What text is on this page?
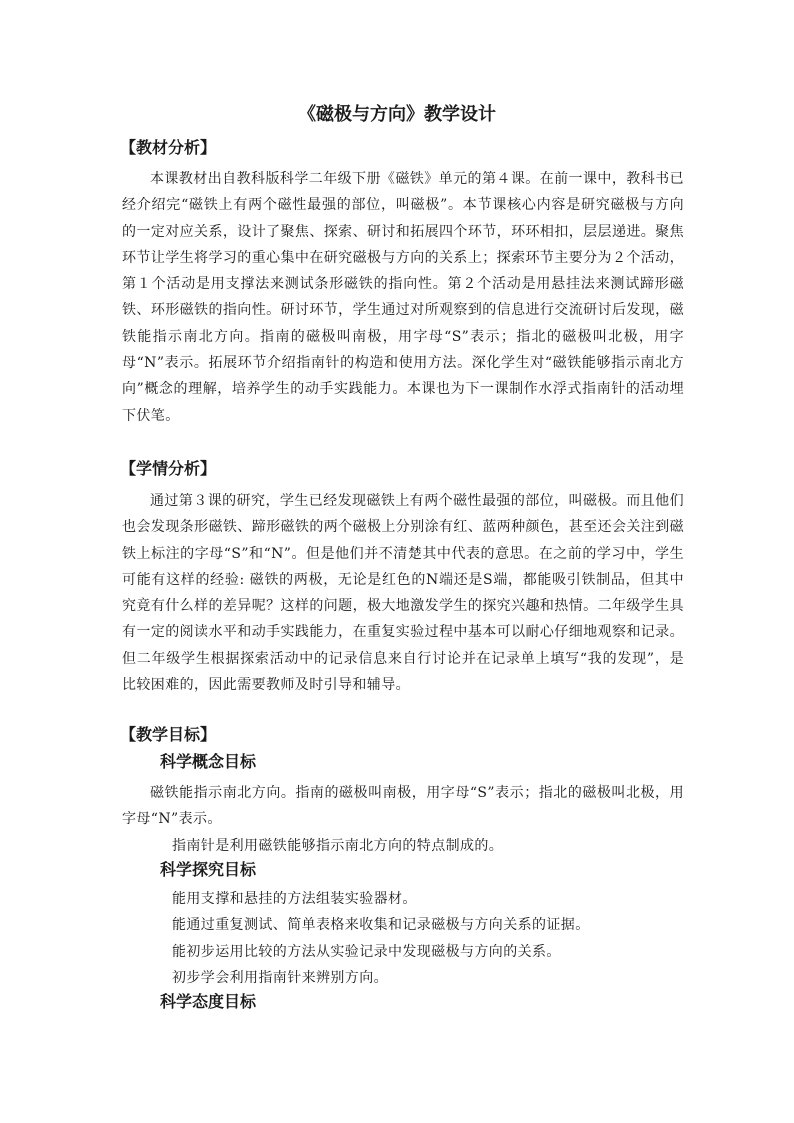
《磁极与方向》教学设计
【教材分析】

本课教材出自教科版科学二年级下册《磁铁》单元的第４课。在前一课中，教科书已经介绍完“磁铁上有两个磁性最强的部位，叫磁极”。本节课核心内容是研究磁极与方向的一定对应关系，设计了聚焦、探索、研讨和拓展四个环节，环环相扣，层层递进。聚焦环节让学生将学习的重心集中在研究磁极与方向的关系上；探索环节主要分为２个活动，第１个活动是用支撑法来测试条形磁铁的指向性。第２个活动是用悬挂法来测试蹄形磁铁、环形磁铁的指向性。研讨环节，学生通过对所观察到的信息进行交流研讨后发现，磁铁能指示南北方向。指南的磁极叫南极，用字母“S”表示；指北的磁极叫北极，用字母“N”表示。拓展环节介绍指南针的构造和使用方法。深化学生对“磁铁能够指示南北方向”概念的理解，培养学生的动手实践能力。本课也为下一课制作水浮式指南针的活动埋下伏笔。

【学情分析】

通过第３课的研究，学生已经发现磁铁上有两个磁性最强的部位，叫磁极。而且他们也会发现条形磁铁、蹄形磁铁的两个磁极上分别涂有红、蓝两种颜色，甚至还会关注到磁铁上标注的字母“S”和“N”。但是他们并不清楚其中代表的意思。在之前的学习中，学生可能有这样的经验: 磁铁的两极，无论是红色的N端还是S端，都能吸引铁制品，但其中究竟有什么样的差异呢？这样的问题，极大地激发学生的探究兴趣和热情。二年级学生具有一定的阅读水平和动手实践能力，在重复实验过程中基本可以耐心仔细地观察和记录。但二年级学生根据探索活动中的记录信息来自行讨论并在记录单上填写“我的发现”，是比较困难的，因此需要教师及时引导和辅导。

【教学目标】
科学概念目标

磁铁能指示南北方向。指南的磁极叫南极，用字母“S”表示；指北的磁极叫北极，用字母“N”表示。

指南针是利用磁铁能够指示南北方向的特点制成的。
科学探究目标
能用支撑和悬挂的方法组装实验器材。
能通过重复测试、简单表格来收集和记录磁极与方向关系的证据。
能初步运用比较的方法从实验记录中发现磁极与方向的关系。
初步学会利用指南针来辨别方向。
科学态度目标
